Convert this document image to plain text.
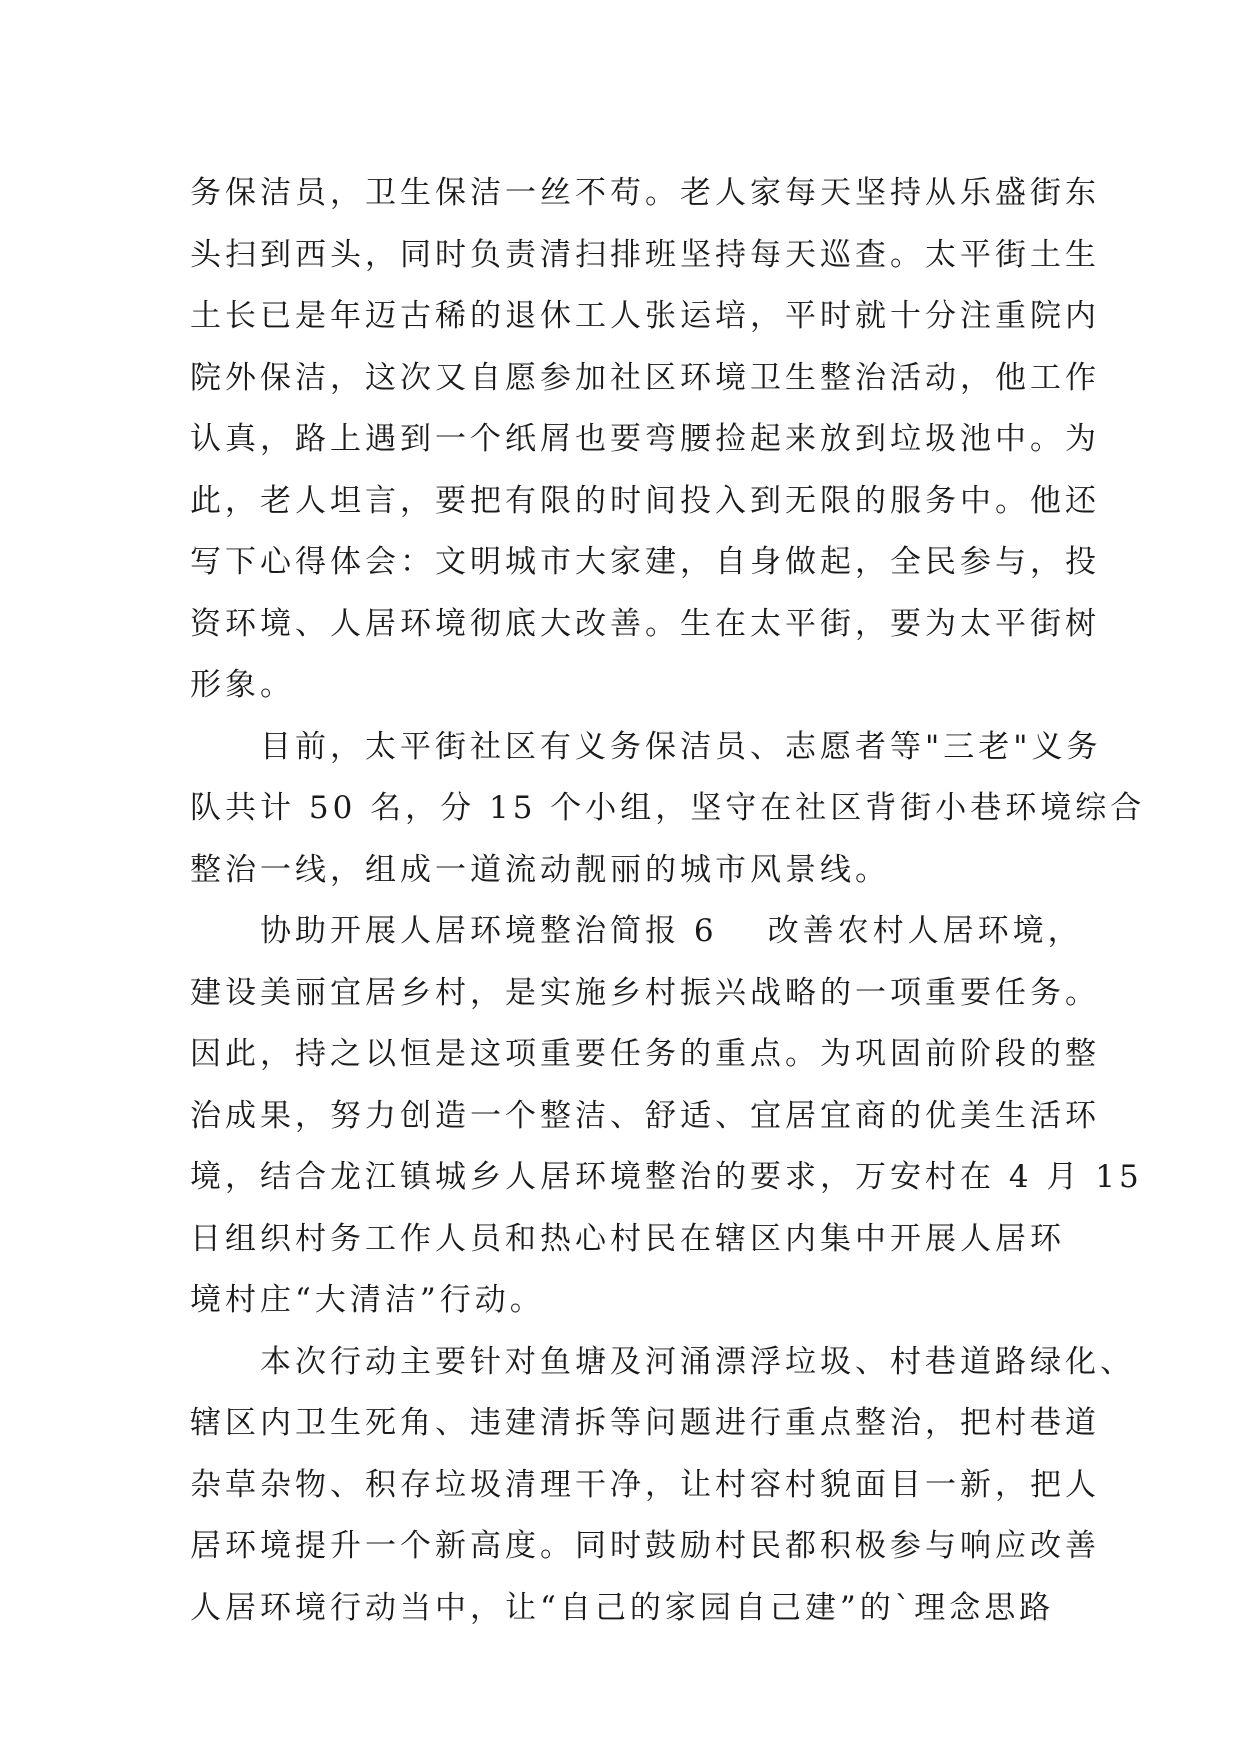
务保洁员，卫生保洁一丝不苟。老人家每天坚持从乐盛街东
头扫到西头，同时负责清扫排班坚持每天巡查。太平街土生
土长已是年迈古稀的退休工人张运培，平时就十分注重院内
院外保洁，这次又自愿参加社区环境卫生整治活动，他工作
认真，路上遇到一个纸屑也要弯腰捡起来放到垃圾池中。为
此，老人坦言，要把有限的时间投入到无限的服务中。他还
写下心得体会：文明城市大家建，自身做起，全民参与，投
资环境、人居环境彻底大改善。生在太平街，要为太平街树
形象。
　　目前，太平街社区有义务保洁员、志愿者等"三老"义务
队共计 50 名，分 15 个小组，坚守在社区背街小巷环境综合
整治一线，组成一道流动靓丽的城市风景线。
　　协助开展人居环境整治简报 6 改善农村人居环境，
建设美丽宜居乡村，是实施乡村振兴战略的一项重要任务。
因此，持之以恒是这项重要任务的重点。为巩固前阶段的整
治成果，努力创造一个整洁、舒适、宜居宜商的优美生活环
境，结合龙江镇城乡人居环境整治的要求，万安村在 4 月 15
日组织村务工作人员和热心村民在辖区内集中开展人居环
境村庄“大清洁”行动。
　　本次行动主要针对鱼塘及河涌漂浮垃圾、村巷道路绿化、
辖区内卫生死角、违建清拆等问题进行重点整治，把村巷道
杂草杂物、积存垃圾清理干净，让村容村貌面目一新，把人
居环境提升一个新高度。同时鼓励村民都积极参与响应改善
人居环境行动当中，让“自己的家园自己建”的`理念思路
